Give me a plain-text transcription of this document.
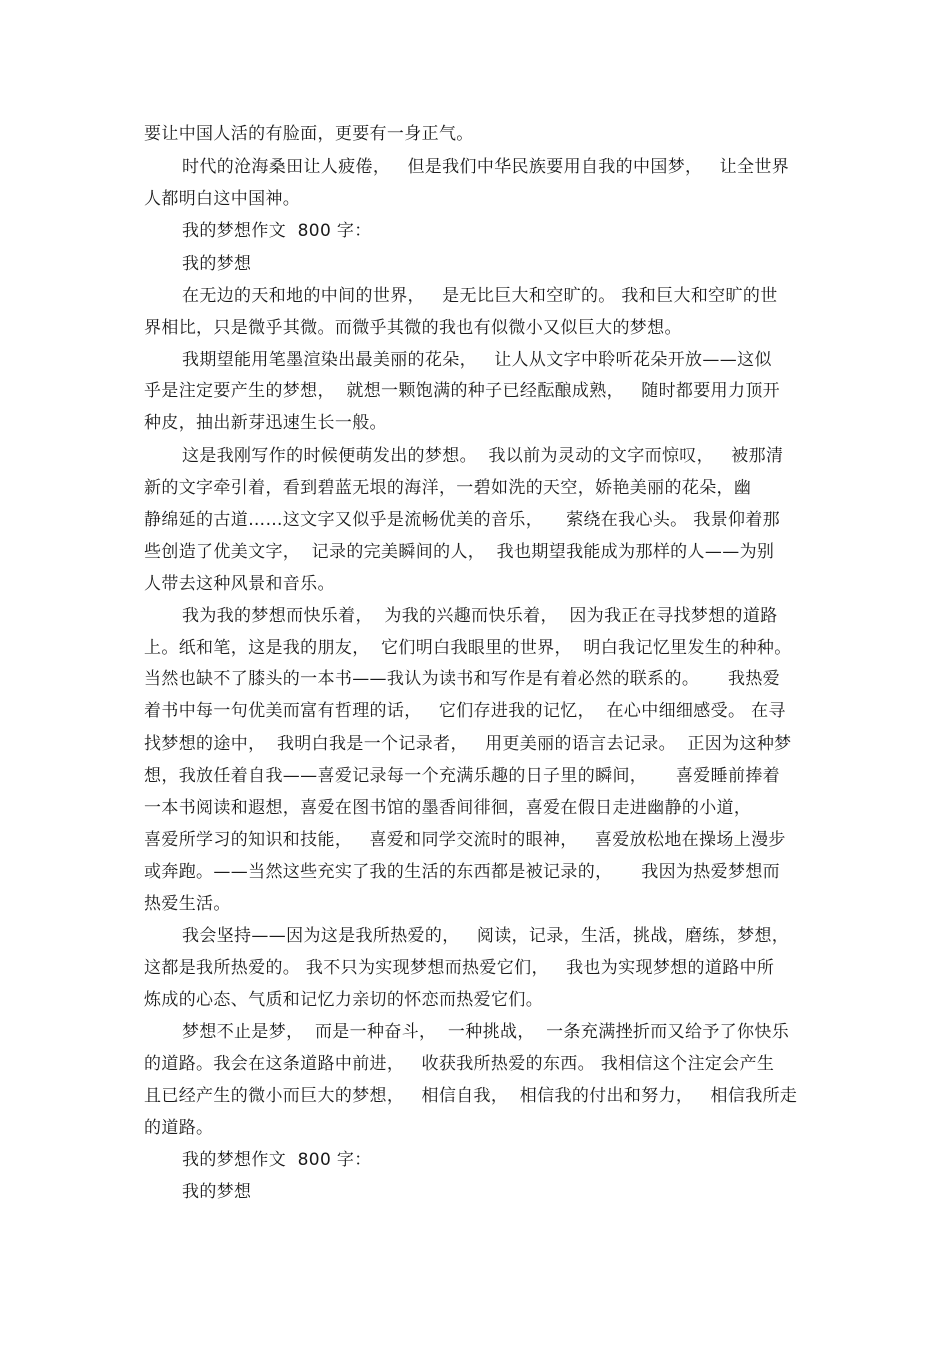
要让中国人活的有脸面，更要有一身正气。
时代的沧海桑田让人疲倦，   但是我们中华民族要用自我的中国梦，   让全世界
人都明白这中国神。
我的梦想作文  800 字：
我的梦想
在无边的天和地的中间的世界，   是无比巨大和空旷的。 我和巨大和空旷的世
界相比，只是微乎其微。而微乎其微的我也有似微小又似巨大的梦想。
我期望能用笔墨渲染出最美丽的花朵，   让人从文字中聆听花朵开放——这似
乎是注定要产生的梦想，  就想一颗饱满的种子已经酝酿成熟，   随时都要用力顶开
种皮，抽出新芽迅速生长一般。
这是我刚写作的时候便萌发出的梦想。  我以前为灵动的文字而惊叹，   被那清
新的文字牵引着，看到碧蓝无垠的海洋，一碧如洗的天空，娇艳美丽的花朵，幽
静绵延的古道……这文字又似乎是流畅优美的音乐，    萦绕在我心头。 我景仰着那
些创造了优美文字，  记录的完美瞬间的人，  我也期望我能成为那样的人——为别
人带去这种风景和音乐。
我为我的梦想而快乐着，  为我的兴趣而快乐着，  因为我正在寻找梦想的道路
上。纸和笔，这是我的朋友，  它们明白我眼里的世界，  明白我记忆里发生的种种。
当然也缺不了膝头的一本书——我认为读书和写作是有着必然的联系的。     我热爱
着书中每一句优美而富有哲理的话，   它们存进我的记忆，  在心中细细感受。 在寻
找梦想的途中，  我明白我是一个记录者，   用更美丽的语言去记录。  正因为这种梦
想，我放任着自我——喜爱记录每一个充满乐趣的日子里的瞬间，     喜爱睡前捧着
一本书阅读和遐想，喜爱在图书馆的墨香间徘徊，喜爱在假日走进幽静的小道，
喜爱所学习的知识和技能，   喜爱和同学交流时的眼神，   喜爱放松地在操场上漫步
或奔跑。——当然这些充实了我的生活的东西都是被记录的，     我因为热爱梦想而
热爱生活。
我会坚持——因为这是我所热爱的，   阅读，记录，生活，挑战，磨练，梦想，
这都是我所热爱的。 我不只为实现梦想而热爱它们，   我也为实现梦想的道路中所
炼成的心态、气质和记忆力亲切的怀恋而热爱它们。
梦想不止是梦，  而是一种奋斗，  一种挑战，  一条充满挫折而又给予了你快乐
的道路。我会在这条道路中前进，   收获我所热爱的东西。 我相信这个注定会产生
且已经产生的微小而巨大的梦想，   相信自我，  相信我的付出和努力，   相信我所走
的道路。
我的梦想作文  800 字：
我的梦想
